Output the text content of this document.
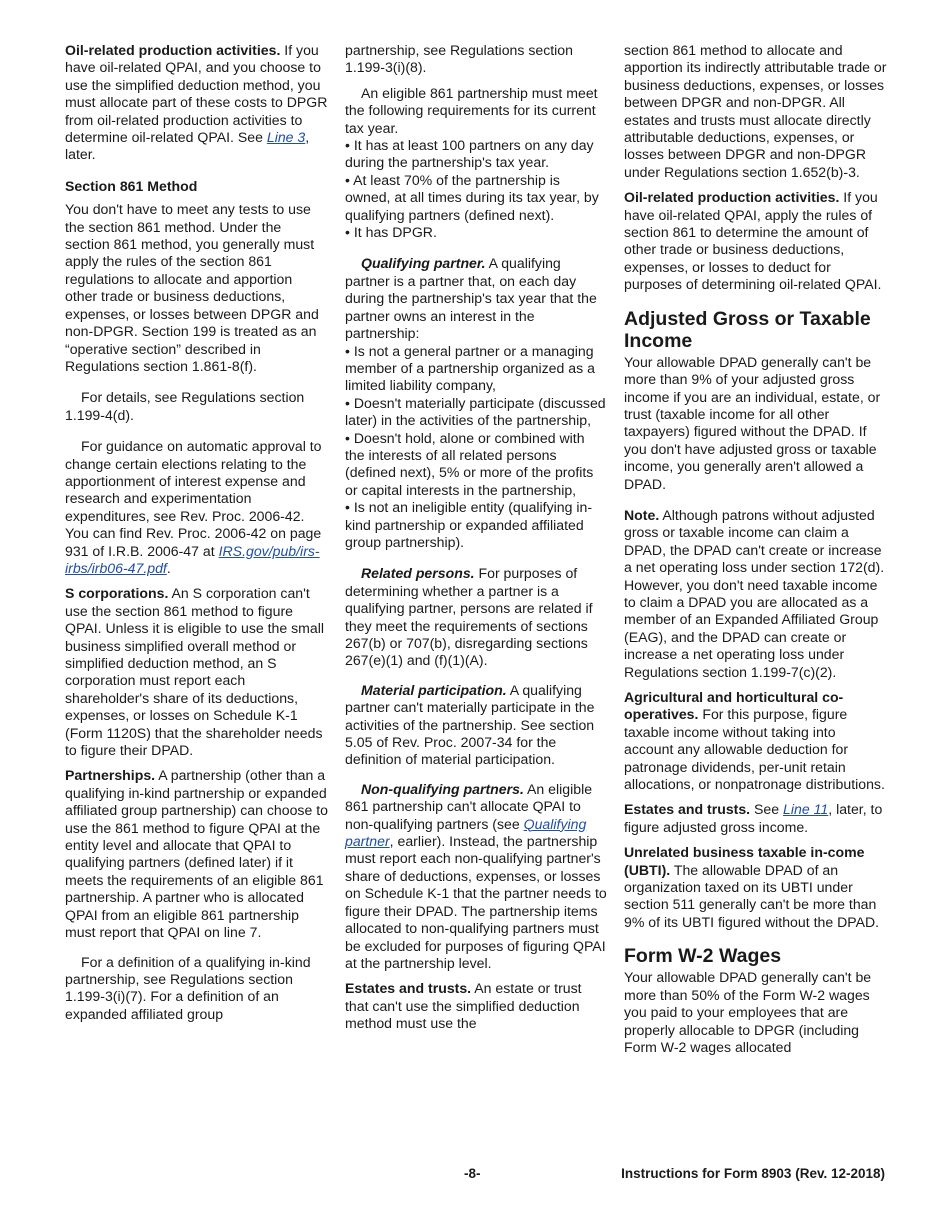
Oil-related production activities. If you have oil-related QPAI, and you choose to use the simplified deduction method, you must allocate part of these costs to DPGR from oil-related production activities to determine oil-related QPAI. See Line 3, later.

Section 861 Method

You don't have to meet any tests to use the section 861 method. Under the section 861 method, you generally must apply the rules of the section 861 regulations to allocate and apportion other trade or business deductions, expenses, or losses between DPGR and non-DPGR. Section 199 is treated as an “operative section” described in Regulations section 1.861-8(f).

For details, see Regulations section 1.199-4(d).

For guidance on automatic approval to change certain elections relating to the apportionment of interest expense and research and experimentation expenditures, see Rev. Proc. 2006-42. You can find Rev. Proc. 2006-42 on page 931 of I.R.B. 2006-47 at IRS.gov/pub/irs-irbs/irb06-47.pdf.

S corporations. An S corporation can't use the section 861 method to figure QPAI. Unless it is eligible to use the small business simplified overall method or simplified deduction method, an S corporation must report each shareholder's share of its deductions, expenses, or losses on Schedule K-1 (Form 1120S) that the shareholder needs to figure their DPAD.

Partnerships. A partnership (other than a qualifying in-kind partnership or expanded affiliated group partnership) can choose to use the 861 method to figure QPAI at the entity level and allocate that QPAI to qualifying partners (defined later) if it meets the requirements of an eligible 861 partnership. A partner who is allocated QPAI from an eligible 861 partnership must report that QPAI on line 7.

For a definition of a qualifying in-kind partnership, see Regulations section 1.199-3(i)(7). For a definition of an expanded affiliated group

partnership, see Regulations section 1.199-3(i)(8).

An eligible 861 partnership must meet the following requirements for its current tax year.

• It has at least 100 partners on any day during the partnership's tax year.
• At least 70% of the partnership is owned, at all times during its tax year, by qualifying partners (defined next).
• It has DPGR.

Qualifying partner. A qualifying partner is a partner that, on each day during the partnership's tax year that the partner owns an interest in the partnership:

• Is not a general partner or a managing member of a partnership organized as a limited liability company,
• Doesn't materially participate (discussed later) in the activities of the partnership,
• Doesn't hold, alone or combined with the interests of all related persons (defined next), 5% or more of the profits or capital interests in the partnership,
• Is not an ineligible entity (qualifying in-kind partnership or expanded affiliated group partnership).

Related persons. For purposes of determining whether a partner is a qualifying partner, persons are related if they meet the requirements of sections 267(b) or 707(b), disregarding sections 267(e)(1) and (f)(1)(A).

Material participation. A qualifying partner can't materially participate in the activities of the partnership. See section 5.05 of Rev. Proc. 2007-34 for the definition of material participation.

Non-qualifying partners. An eligible 861 partnership can't allocate QPAI to non-qualifying partners (see Qualifying partner, earlier). Instead, the partnership must report each non-qualifying partner's share of deductions, expenses, or losses on Schedule K-1 that the partner needs to figure their DPAD. The partnership items allocated to non-qualifying partners must be excluded for purposes of figuring QPAI at the partnership level.

Estates and trusts. An estate or trust that can't use the simplified deduction method must use the

section 861 method to allocate and apportion its indirectly attributable trade or business deductions, expenses, or losses between DPGR and non-DPGR. All estates and trusts must allocate directly attributable deductions, expenses, or losses between DPGR and non-DPGR under Regulations section 1.652(b)-3.

Oil-related production activities. If you have oil-related QPAI, apply the rules of section 861 to determine the amount of other trade or business deductions, expenses, or losses to deduct for purposes of determining oil-related QPAI.

Adjusted Gross or Taxable Income

Your allowable DPAD generally can't be more than 9% of your adjusted gross income if you are an individual, estate, or trust (taxable income for all other taxpayers) figured without the DPAD. If you don't have adjusted gross or taxable income, you generally aren't allowed a DPAD.

Note. Although patrons without adjusted gross or taxable income can claim a DPAD, the DPAD can't create or increase a net operating loss under section 172(d). However, you don't need taxable income to claim a DPAD you are allocated as a member of an Expanded Affiliated Group (EAG), and the DPAD can create or increase a net operating loss under Regulations section 1.199-7(c)(2).

Agricultural and horticultural co-operatives. For this purpose, figure taxable income without taking into account any allowable deduction for patronage dividends, per-unit retain allocations, or nonpatronage distributions.

Estates and trusts. See Line 11, later, to figure adjusted gross income.

Unrelated business taxable in-come (UBTI). The allowable DPAD of an organization taxed on its UBTI under section 511 generally can't be more than 9% of its UBTI figured without the DPAD.

Form W-2 Wages

Your allowable DPAD generally can't be more than 50% of the Form W-2 wages you paid to your employees that are properly allocable to DPGR (including Form W-2 wages allocated

-8-	Instructions for Form 8903 (Rev. 12-2018)
